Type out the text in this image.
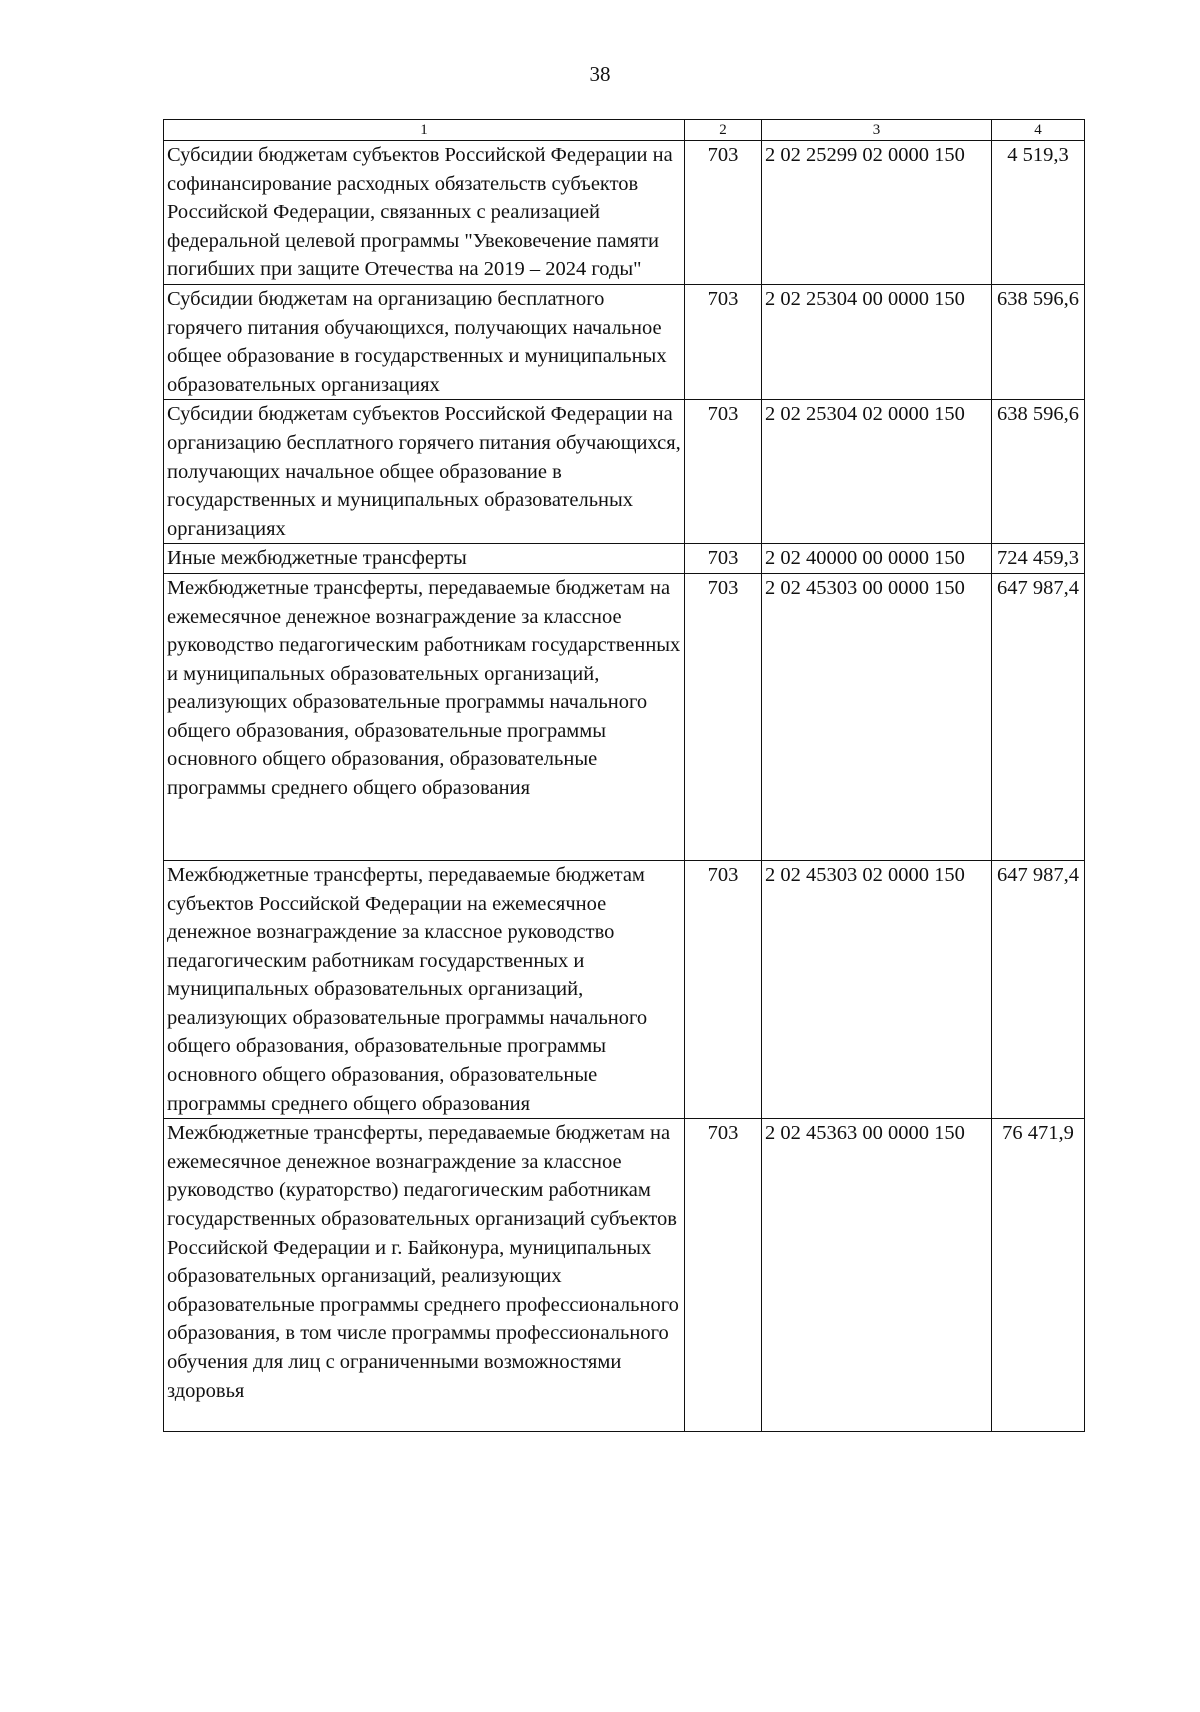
38
1	2	3	4
Субсидии бюджетам субъектов Российской Федерации на софинансирование расходных обязательств субъектов Российской Федерации, связанных с реализацией федеральной целевой программы "Увековечение памяти погибших при защите Отечества на 2019 – 2024 годы"	703	2 02 25299 02 0000 150	4 519,3
Субсидии бюджетам на организацию бесплатного горячего питания обучающихся, получающих начальное общее образование в государственных и муниципальных образовательных организациях	703	2 02 25304 00 0000 150	638 596,6
Субсидии бюджетам субъектов Российской Федерации на организацию бесплатного горячего питания обучающихся, получающих начальное общее образование в государственных и муниципальных образовательных организациях	703	2 02 25304 02 0000 150	638 596,6
Иные межбюджетные трансферты	703	2 02 40000 00 0000 150	724 459,3
Межбюджетные трансферты, передаваемые бюджетам на ежемесячное денежное вознаграждение за классное руководство педагогическим работникам государственных и муниципальных образовательных организаций, реализующих образовательные программы начального общего образования, образовательные программы основного общего образования, образовательные программы среднего общего образования	703	2 02 45303 00 0000 150	647 987,4
Межбюджетные трансферты, передаваемые бюджетам субъектов Российской Федерации на ежемесячное денежное вознаграждение за классное руководство педагогическим работникам государственных и муниципальных образовательных организаций, реализующих образовательные программы начального общего образования, образовательные программы основного общего образования, образовательные программы среднего общего образования	703	2 02 45303 02 0000 150	647 987,4
Межбюджетные трансферты, передаваемые бюджетам на ежемесячное денежное вознаграждение за классное руководство (кураторство) педагогическим работникам государственных образовательных организаций субъектов Российской Федерации и г. Байконура, муниципальных образовательных организаций, реализующих образовательные программы среднего профессионального образования, в том числе программы профессионального обучения для лиц с ограниченными возможностями здоровья	703	2 02 45363 00 0000 150	76 471,9
